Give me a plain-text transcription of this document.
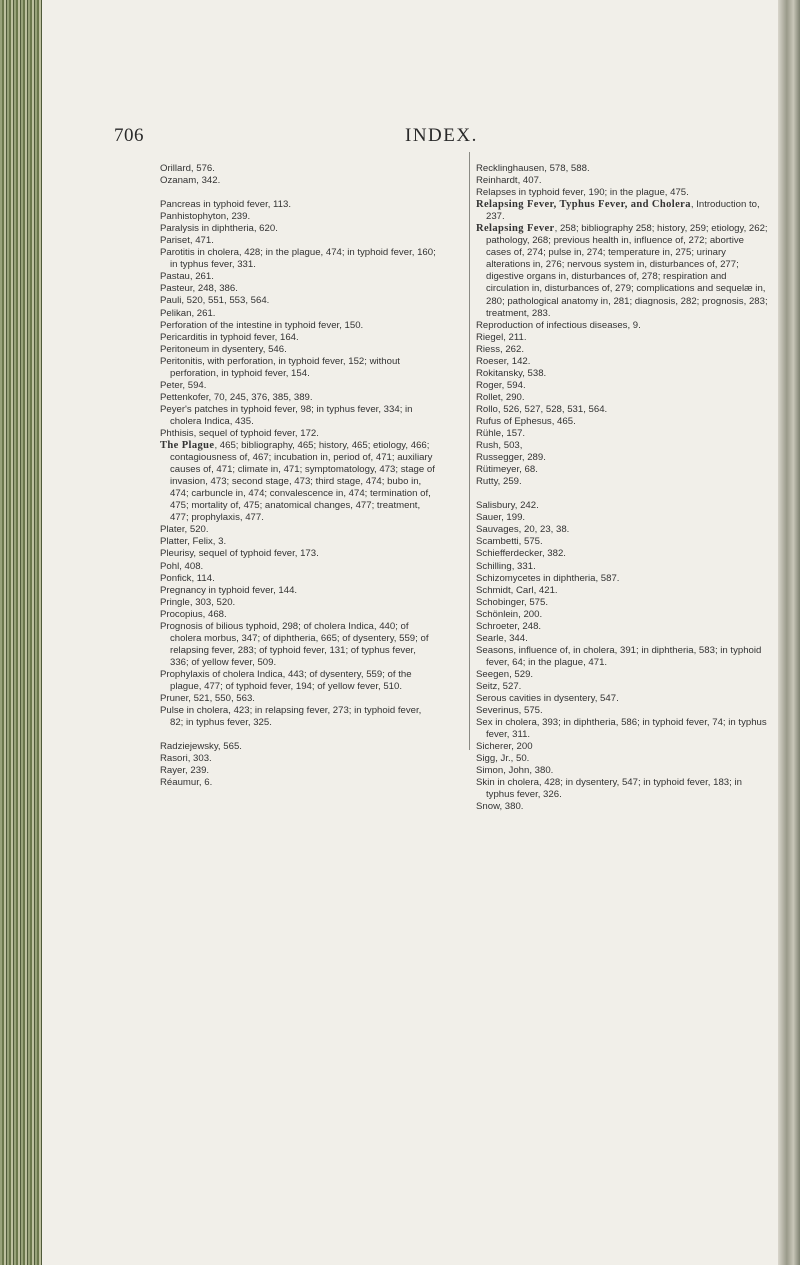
706	INDEX.

Orillard, 576.

Ozanam, 342.

Pancreas in typhoid fever, 113.

Panhistophyton, 239.

Paralysis in diphtheria, 620.

Pariset, 471.

Parotitis in cholera, 428; in the plague, 474; in typhoid fever, 160; in typhus fever, 331.

Pastau, 261.

Pasteur, 248, 386.

Pauli, 520, 551, 553, 564.

Pelikan, 261.

Perforation of the intestine in typhoid fever, 150.

Pericarditis in typhoid fever, 164.

Peritoneum in dysentery, 546.

Peritonitis, with perforation, in typhoid fever, 152; without perforation, in typhoid fever, 154.

Peter, 594.

Pettenkofer, 70, 245, 376, 385, 389.

Peyer's patches in typhoid fever, 98; in typhus fever, 334; in cholera Indica, 435.

Phthisis, sequel of typhoid fever, 172.

The Plague, 465; bibliography, 465; history, 465; etiology, 466; contagiousness of, 467; incubation in, period of, 471; auxiliary causes of, 471; climate in, 471; symptomatology, 473; stage of invasion, 473; second stage, 473; third stage, 474; bubo in, 474; carbuncle in, 474; convalescence in, 474; termination of, 475; mortality of, 475; anatomical changes, 477; treatment, 477; prophylaxis, 477.

Plater, 520.

Platter, Felix, 3.

Pleurisy, sequel of typhoid fever, 173.

Pohl, 408.

Ponfick, 114.

Pregnancy in typhoid fever, 144.

Pringle, 303, 520.

Procopius, 468.

Prognosis of bilious typhoid, 298; of cholera Indica, 440; of cholera morbus, 347; of diphtheria, 665; of dysentery, 559; of relapsing fever, 283; of typhoid fever, 131; of typhus fever, 336; of yellow fever, 509.

Prophylaxis of cholera Indica, 443; of dysentery, 559; of the plague, 477; of typhoid fever, 194; of yellow fever, 510.

Pruner, 521, 550, 563.

Pulse in cholera, 423; in relapsing fever, 273; in typhoid fever, 82; in typhus fever, 325.

Radziejewsky, 565.

Rasori, 303.

Rayer, 239.

Réaumur, 6.

Recklinghausen, 578, 588.

Reinhardt, 407.

Relapses in typhoid fever, 190; in the plague, 475.

Relapsing Fever, Typhus Fever, and Cholera, Introduction to, 237.

Relapsing Fever, 258; bibliography 258; history, 259; etiology, 262; pathology, 268; previous health in, influence of, 272; abortive cases of, 274; pulse in, 274; temperature in, 275; urinary alterations in, 276; nervous system in, disturbances of, 277; digestive organs in, disturbances of, 278; respiration and circulation in, disturbances of, 279; complications and sequelæ in, 280; pathological anatomy in, 281; diagnosis, 282; prognosis, 283; treatment, 283.

Reproduction of infectious diseases, 9.

Riegel, 211.

Riess, 262.

Roeser, 142.

Rokitansky, 538.

Roger, 594.

Rollet, 290.

Rollo, 526, 527, 528, 531, 564.

Rufus of Ephesus, 465.

Rühle, 157.

Rush, 503,

Russegger, 289.

Rütimeyer, 68.

Rutty, 259.

Salisbury, 242.

Sauer, 199.

Sauvages, 20, 23, 38.

Scambetti, 575.

Schiefferdecker, 382.

Schilling, 331.

Schizomycetes in diphtheria, 587.

Schmidt, Carl, 421.

Schobinger, 575.

Schönlein, 200.

Schroeter, 248.

Searle, 344.

Seasons, influence of, in cholera, 391; in diphtheria, 583; in typhoid fever, 64; in the plague, 471.

Seegen, 529.

Seitz, 527.

Serous cavities in dysentery, 547.

Severinus, 575.

Sex in cholera, 393; in diphtheria, 586; in typhoid fever, 74; in typhus fever, 311.

Sicherer, 200

Sigg, Jr., 50.

Simon, John, 380.

Skin in cholera, 428; in dysentery, 547; in typhoid fever, 183; in typhus fever, 326.

Snow, 380.
